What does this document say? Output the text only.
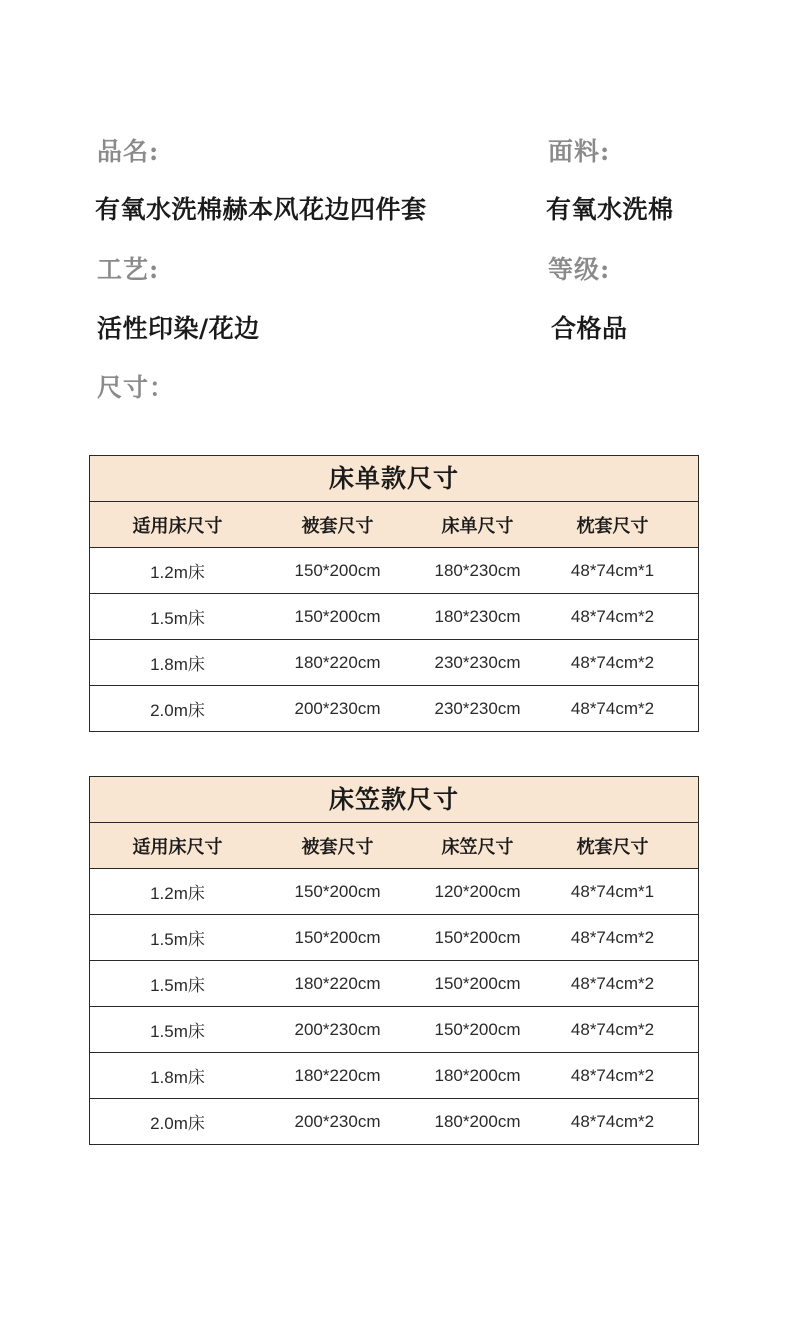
品名:
有氧水洗棉赫本风花边四件套
面料:
有氧水洗棉
工艺:
活性印染/花边
等级:
合格品
尺寸：
床单款尺寸
适用床尺寸	被套尺寸	床单尺寸	枕套尺寸
1.2m床	150*200cm	180*230cm	48*74cm*1
1.5m床	150*200cm	180*230cm	48*74cm*2
1.8m床	180*220cm	230*230cm	48*74cm*2
2.0m床	200*230cm	230*230cm	48*74cm*2
床笠款尺寸
适用床尺寸	被套尺寸	床笠尺寸	枕套尺寸
1.2m床	150*200cm	120*200cm	48*74cm*1
1.5m床	150*200cm	150*200cm	48*74cm*2
1.5m床	180*220cm	150*200cm	48*74cm*2
1.5m床	200*230cm	150*200cm	48*74cm*2
1.8m床	180*220cm	180*200cm	48*74cm*2
2.0m床	200*230cm	180*200cm	48*74cm*2
